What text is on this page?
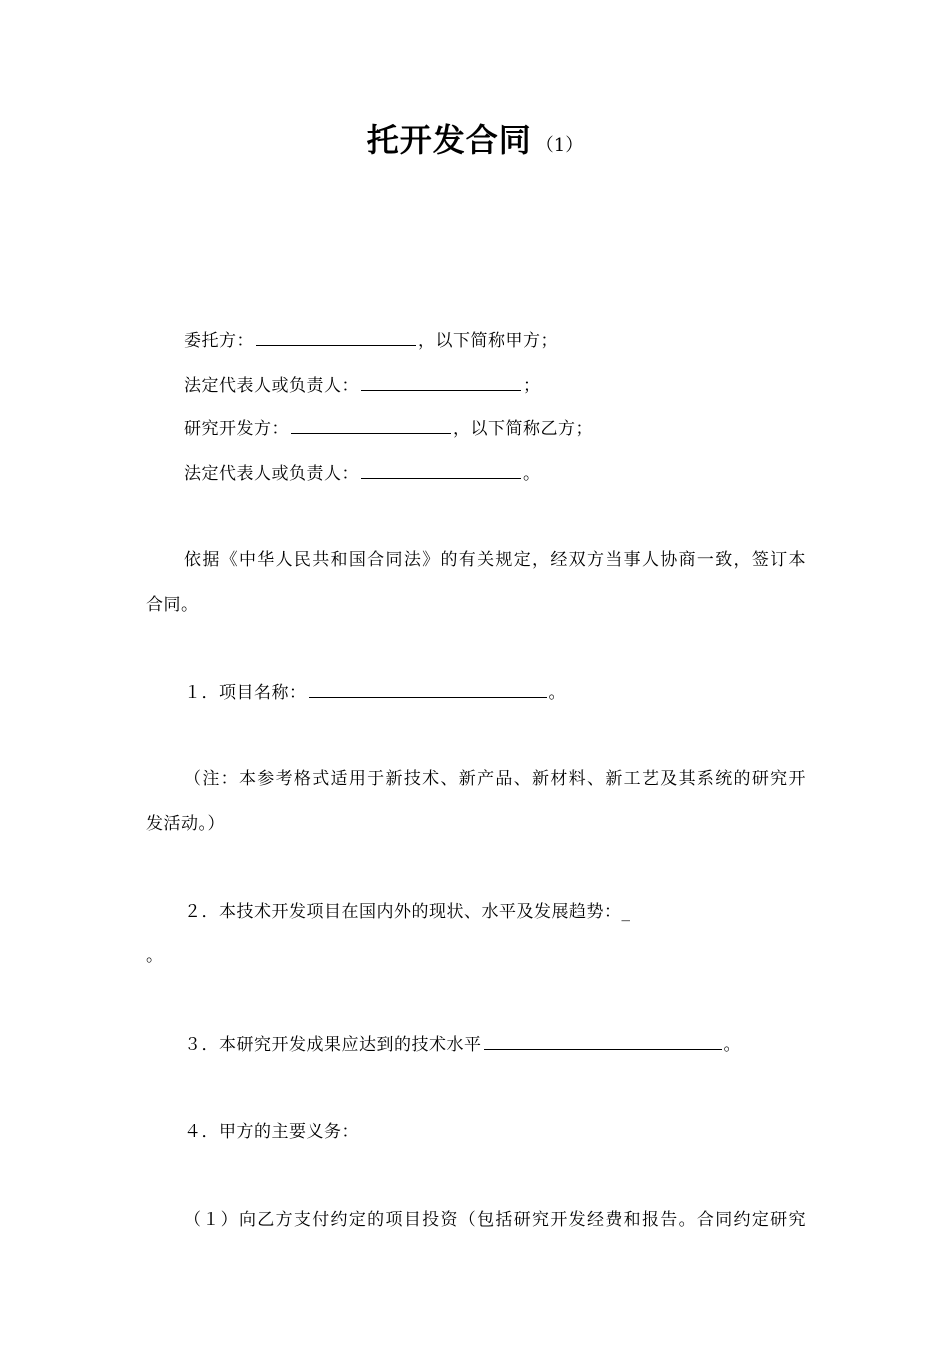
托开发合同 （1）
委托方：	，以下简称甲方；
法定代表人或负责人：	；
研究开发方：	，以下简称乙方；
法定代表人或负责人：	。
依据《中华人民共和国合同法》的有关规定，经双方当事人协商一致，签订本
合同。
１．项目名称：	。
（注：本参考格式适用于新技术、新产品、新材料、新工艺及其系统的研究开
发活动。）
２．本技术开发项目在国内外的现状、水平及发展趋势：_
。
３．本研究开发成果应达到的技术水平	。
４．甲方的主要义务：
（１）向乙方支付约定的项目投资（包括研究开发经费和报告。合同约定研究
